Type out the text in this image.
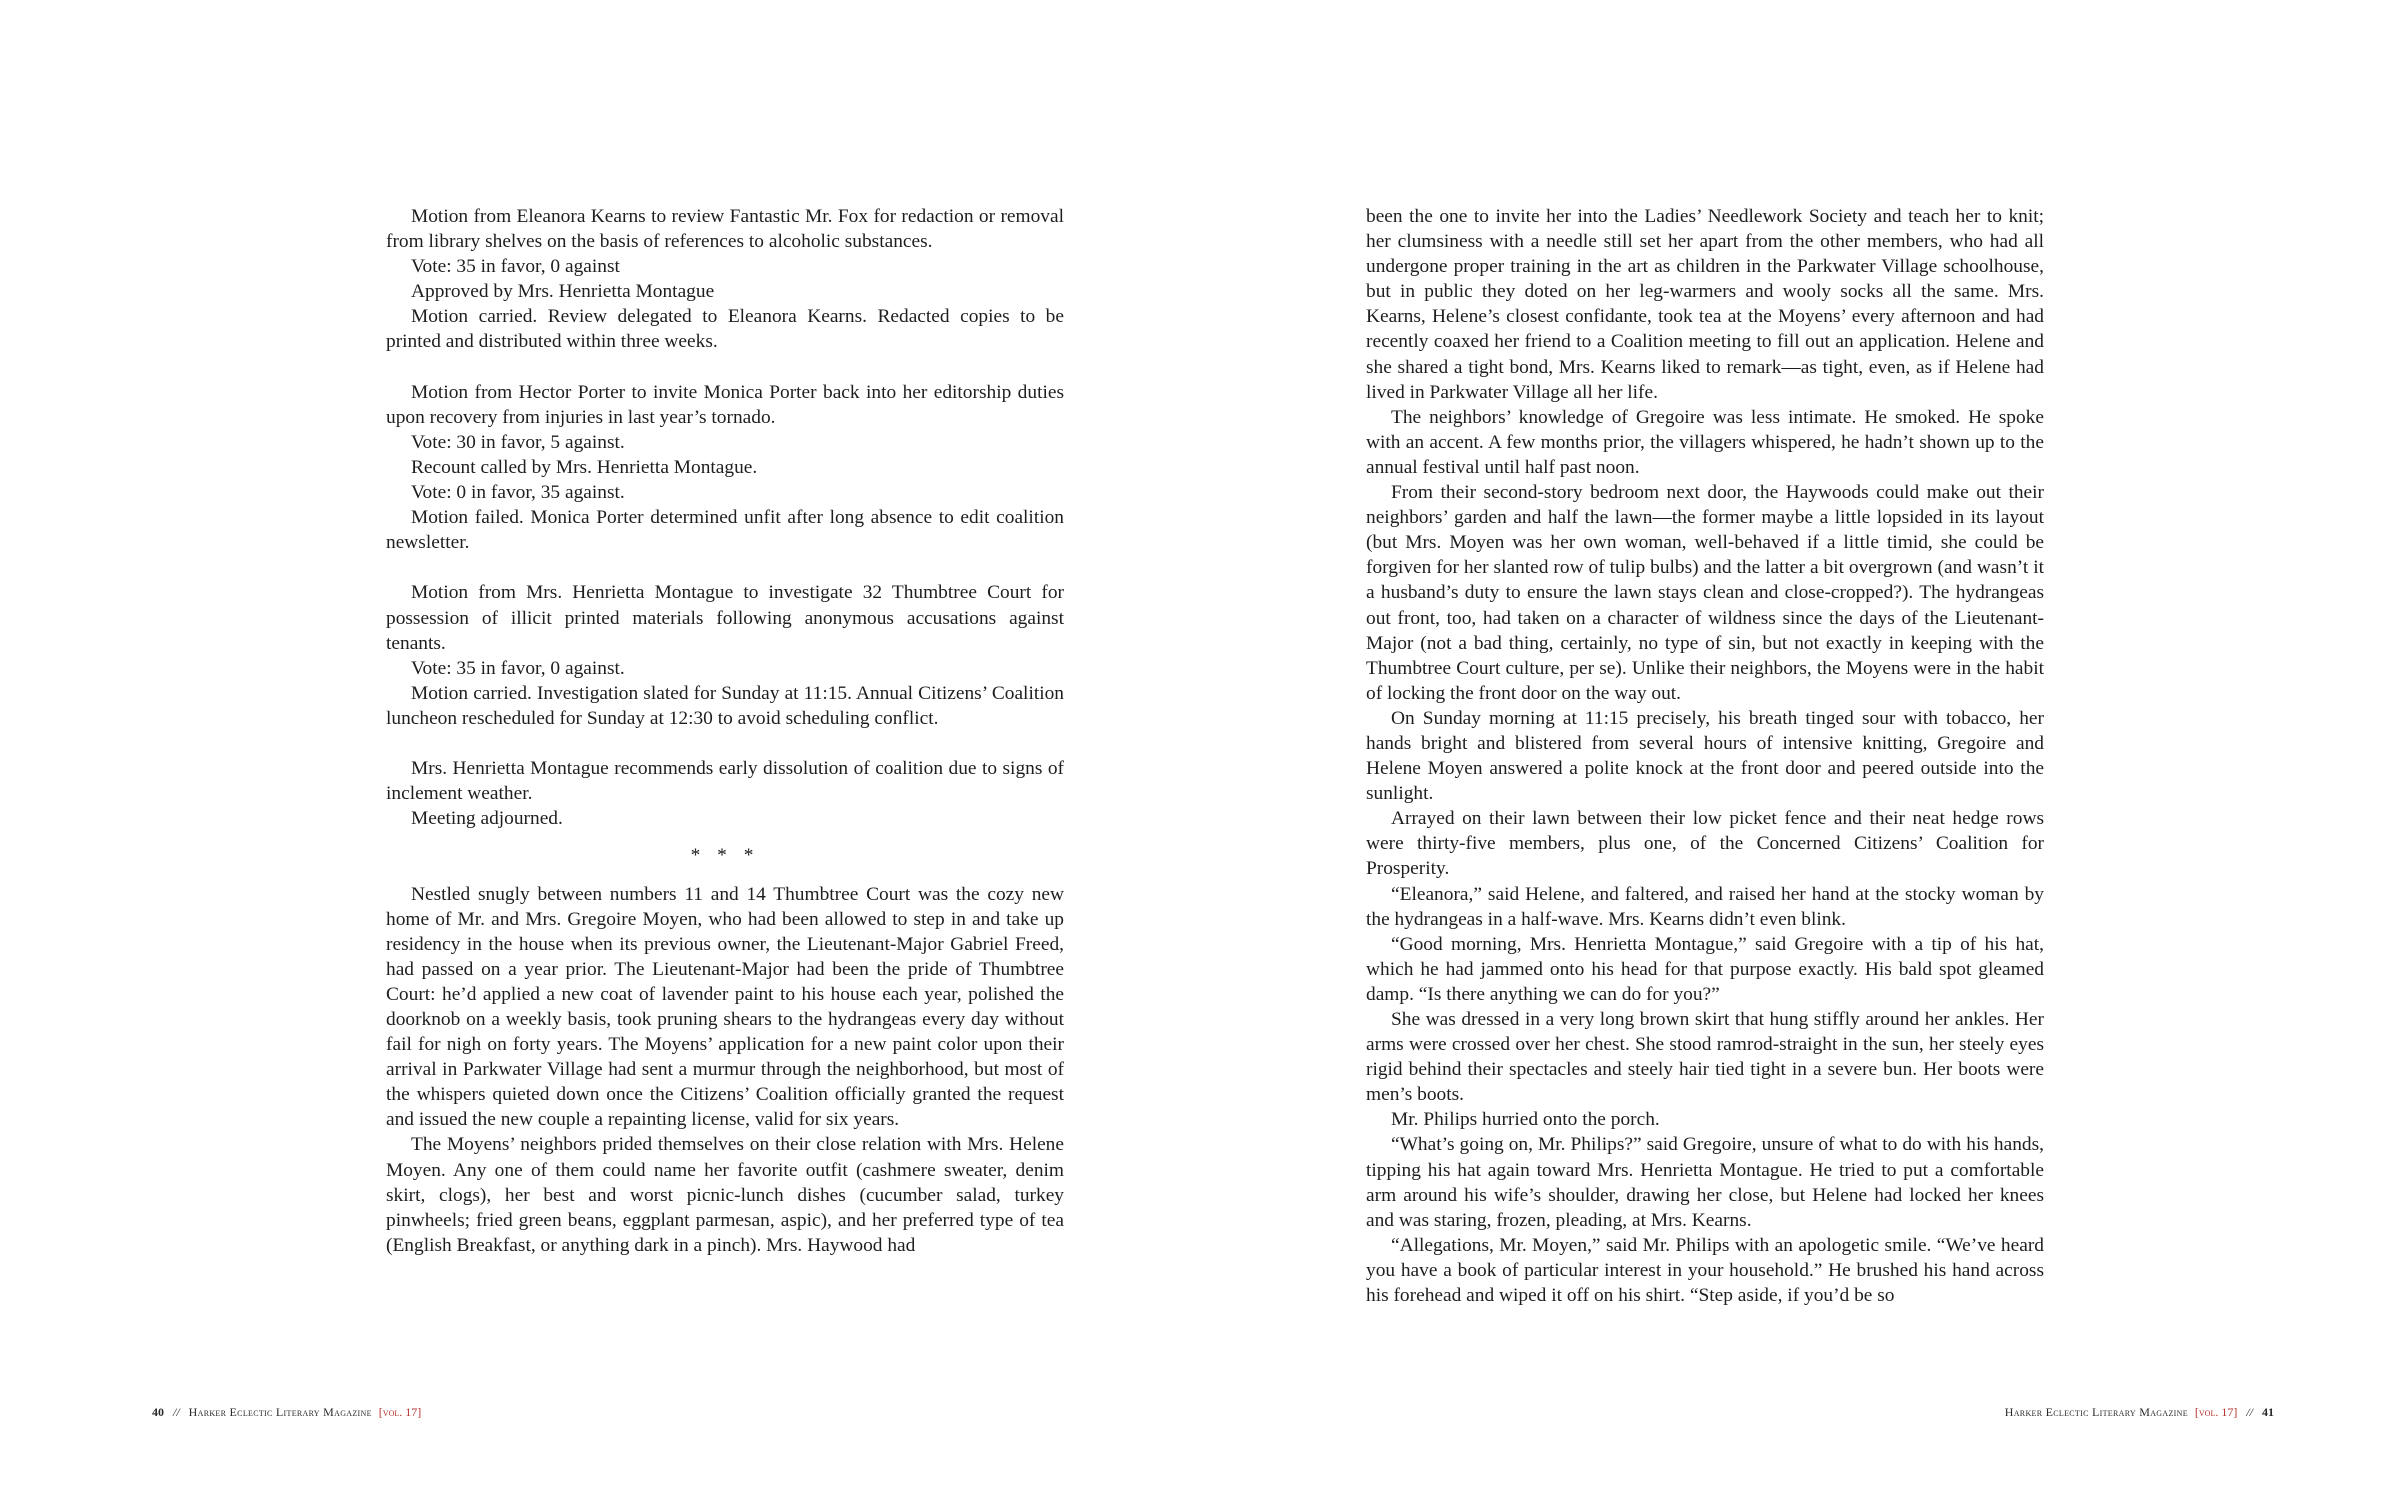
Motion from Eleanora Kearns to review Fantastic Mr. Fox for redaction or removal from library shelves on the basis of references to alcoholic substances.

Vote: 35 in favor, 0 against

Approved by Mrs. Henrietta Montague

Motion carried. Review delegated to Eleanora Kearns. Redacted copies to be printed and distributed within three weeks.

Motion from Hector Porter to invite Monica Porter back into her editorship duties upon recovery from injuries in last year’s tornado.

Vote: 30 in favor, 5 against.

Recount called by Mrs. Henrietta Montague.

Vote: 0 in favor, 35 against.

Motion failed. Monica Porter determined unfit after long absence to edit coalition newsletter.

Motion from Mrs. Henrietta Montague to investigate 32 Thumbtree Court for possession of illicit printed materials following anonymous accusations against tenants.

Vote: 35 in favor, 0 against.

Motion carried. Investigation slated for Sunday at 11:15. Annual Citizens’ Coalition luncheon rescheduled for Sunday at 12:30 to avoid scheduling conflict.

Mrs. Henrietta Montague recommends early dissolution of coalition due to signs of inclement weather.

Meeting adjourned.

* * *

Nestled snugly between numbers 11 and 14 Thumbtree Court was the cozy new home of Mr. and Mrs. Gregoire Moyen, who had been allowed to step in and take up residency in the house when its previous owner, the Lieutenant-Major Gabriel Freed, had passed on a year prior. The Lieutenant-Major had been the pride of Thumbtree Court: he’d applied a new coat of lavender paint to his house each year, polished the doorknob on a weekly basis, took pruning shears to the hydrangeas every day without fail for nigh on forty years. The Moyens’ application for a new paint color upon their arrival in Parkwater Village had sent a murmur through the neighborhood, but most of the whispers quieted down once the Citizens’ Coalition officially granted the request and issued the new couple a repainting license, valid for six years.

The Moyens’ neighbors prided themselves on their close relation with Mrs. Helene Moyen. Any one of them could name her favorite outfit (cashmere sweater, denim skirt, clogs), her best and worst picnic-lunch dishes (cucumber salad, turkey pinwheels; fried green beans, eggplant parmesan, aspic), and her preferred type of tea (English Breakfast, or anything dark in a pinch). Mrs. Haywood had

been the one to invite her into the Ladies’ Needlework Society and teach her to knit; her clumsiness with a needle still set her apart from the other members, who had all undergone proper training in the art as children in the Parkwater Village schoolhouse, but in public they doted on her leg-warmers and wooly socks all the same. Mrs. Kearns, Helene’s closest confidante, took tea at the Moyens’ every afternoon and had recently coaxed her friend to a Coalition meeting to fill out an application. Helene and she shared a tight bond, Mrs. Kearns liked to remark—as tight, even, as if Helene had lived in Parkwater Village all her life.

The neighbors’ knowledge of Gregoire was less intimate. He smoked. He spoke with an accent. A few months prior, the villagers whispered, he hadn’t shown up to the annual festival until half past noon.

From their second-story bedroom next door, the Haywoods could make out their neighbors’ garden and half the lawn—the former maybe a little lopsided in its layout (but Mrs. Moyen was her own woman, well-behaved if a little timid, she could be forgiven for her slanted row of tulip bulbs) and the latter a bit overgrown (and wasn’t it a husband’s duty to ensure the lawn stays clean and close-cropped?). The hydrangeas out front, too, had taken on a character of wildness since the days of the Lieutenant-Major (not a bad thing, certainly, no type of sin, but not exactly in keeping with the Thumbtree Court culture, per se). Unlike their neighbors, the Moyens were in the habit of locking the front door on the way out.

On Sunday morning at 11:15 precisely, his breath tinged sour with tobacco, her hands bright and blistered from several hours of intensive knitting, Gregoire and Helene Moyen answered a polite knock at the front door and peered outside into the sunlight.

Arrayed on their lawn between their low picket fence and their neat hedge rows were thirty-five members, plus one, of the Concerned Citizens’ Coalition for Prosperity.

“Eleanora,” said Helene, and faltered, and raised her hand at the stocky woman by the hydrangeas in a half-wave. Mrs. Kearns didn’t even blink.

“Good morning, Mrs. Henrietta Montague,” said Gregoire with a tip of his hat, which he had jammed onto his head for that purpose exactly. His bald spot gleamed damp. “Is there anything we can do for you?”

She was dressed in a very long brown skirt that hung stiffly around her ankles. Her arms were crossed over her chest. She stood ramrod-straight in the sun, her steely eyes rigid behind their spectacles and steely hair tied tight in a severe bun. Her boots were men’s boots.

Mr. Philips hurried onto the porch.

“What’s going on, Mr. Philips?” said Gregoire, unsure of what to do with his hands, tipping his hat again toward Mrs. Henrietta Montague. He tried to put a comfortable arm around his wife’s shoulder, drawing her close, but Helene had locked her knees and was staring, frozen, pleading, at Mrs. Kearns.

“Allegations, Mr. Moyen,” said Mr. Philips with an apologetic smile. “We’ve heard you have a book of particular interest in your household.” He brushed his hand across his forehead and wiped it off on his shirt. “Step aside, if you’d be so

40 // Harker Eclectic Literary Magazine [vol. 17]	Harker Eclectic Literary Magazine [vol. 17] // 41
